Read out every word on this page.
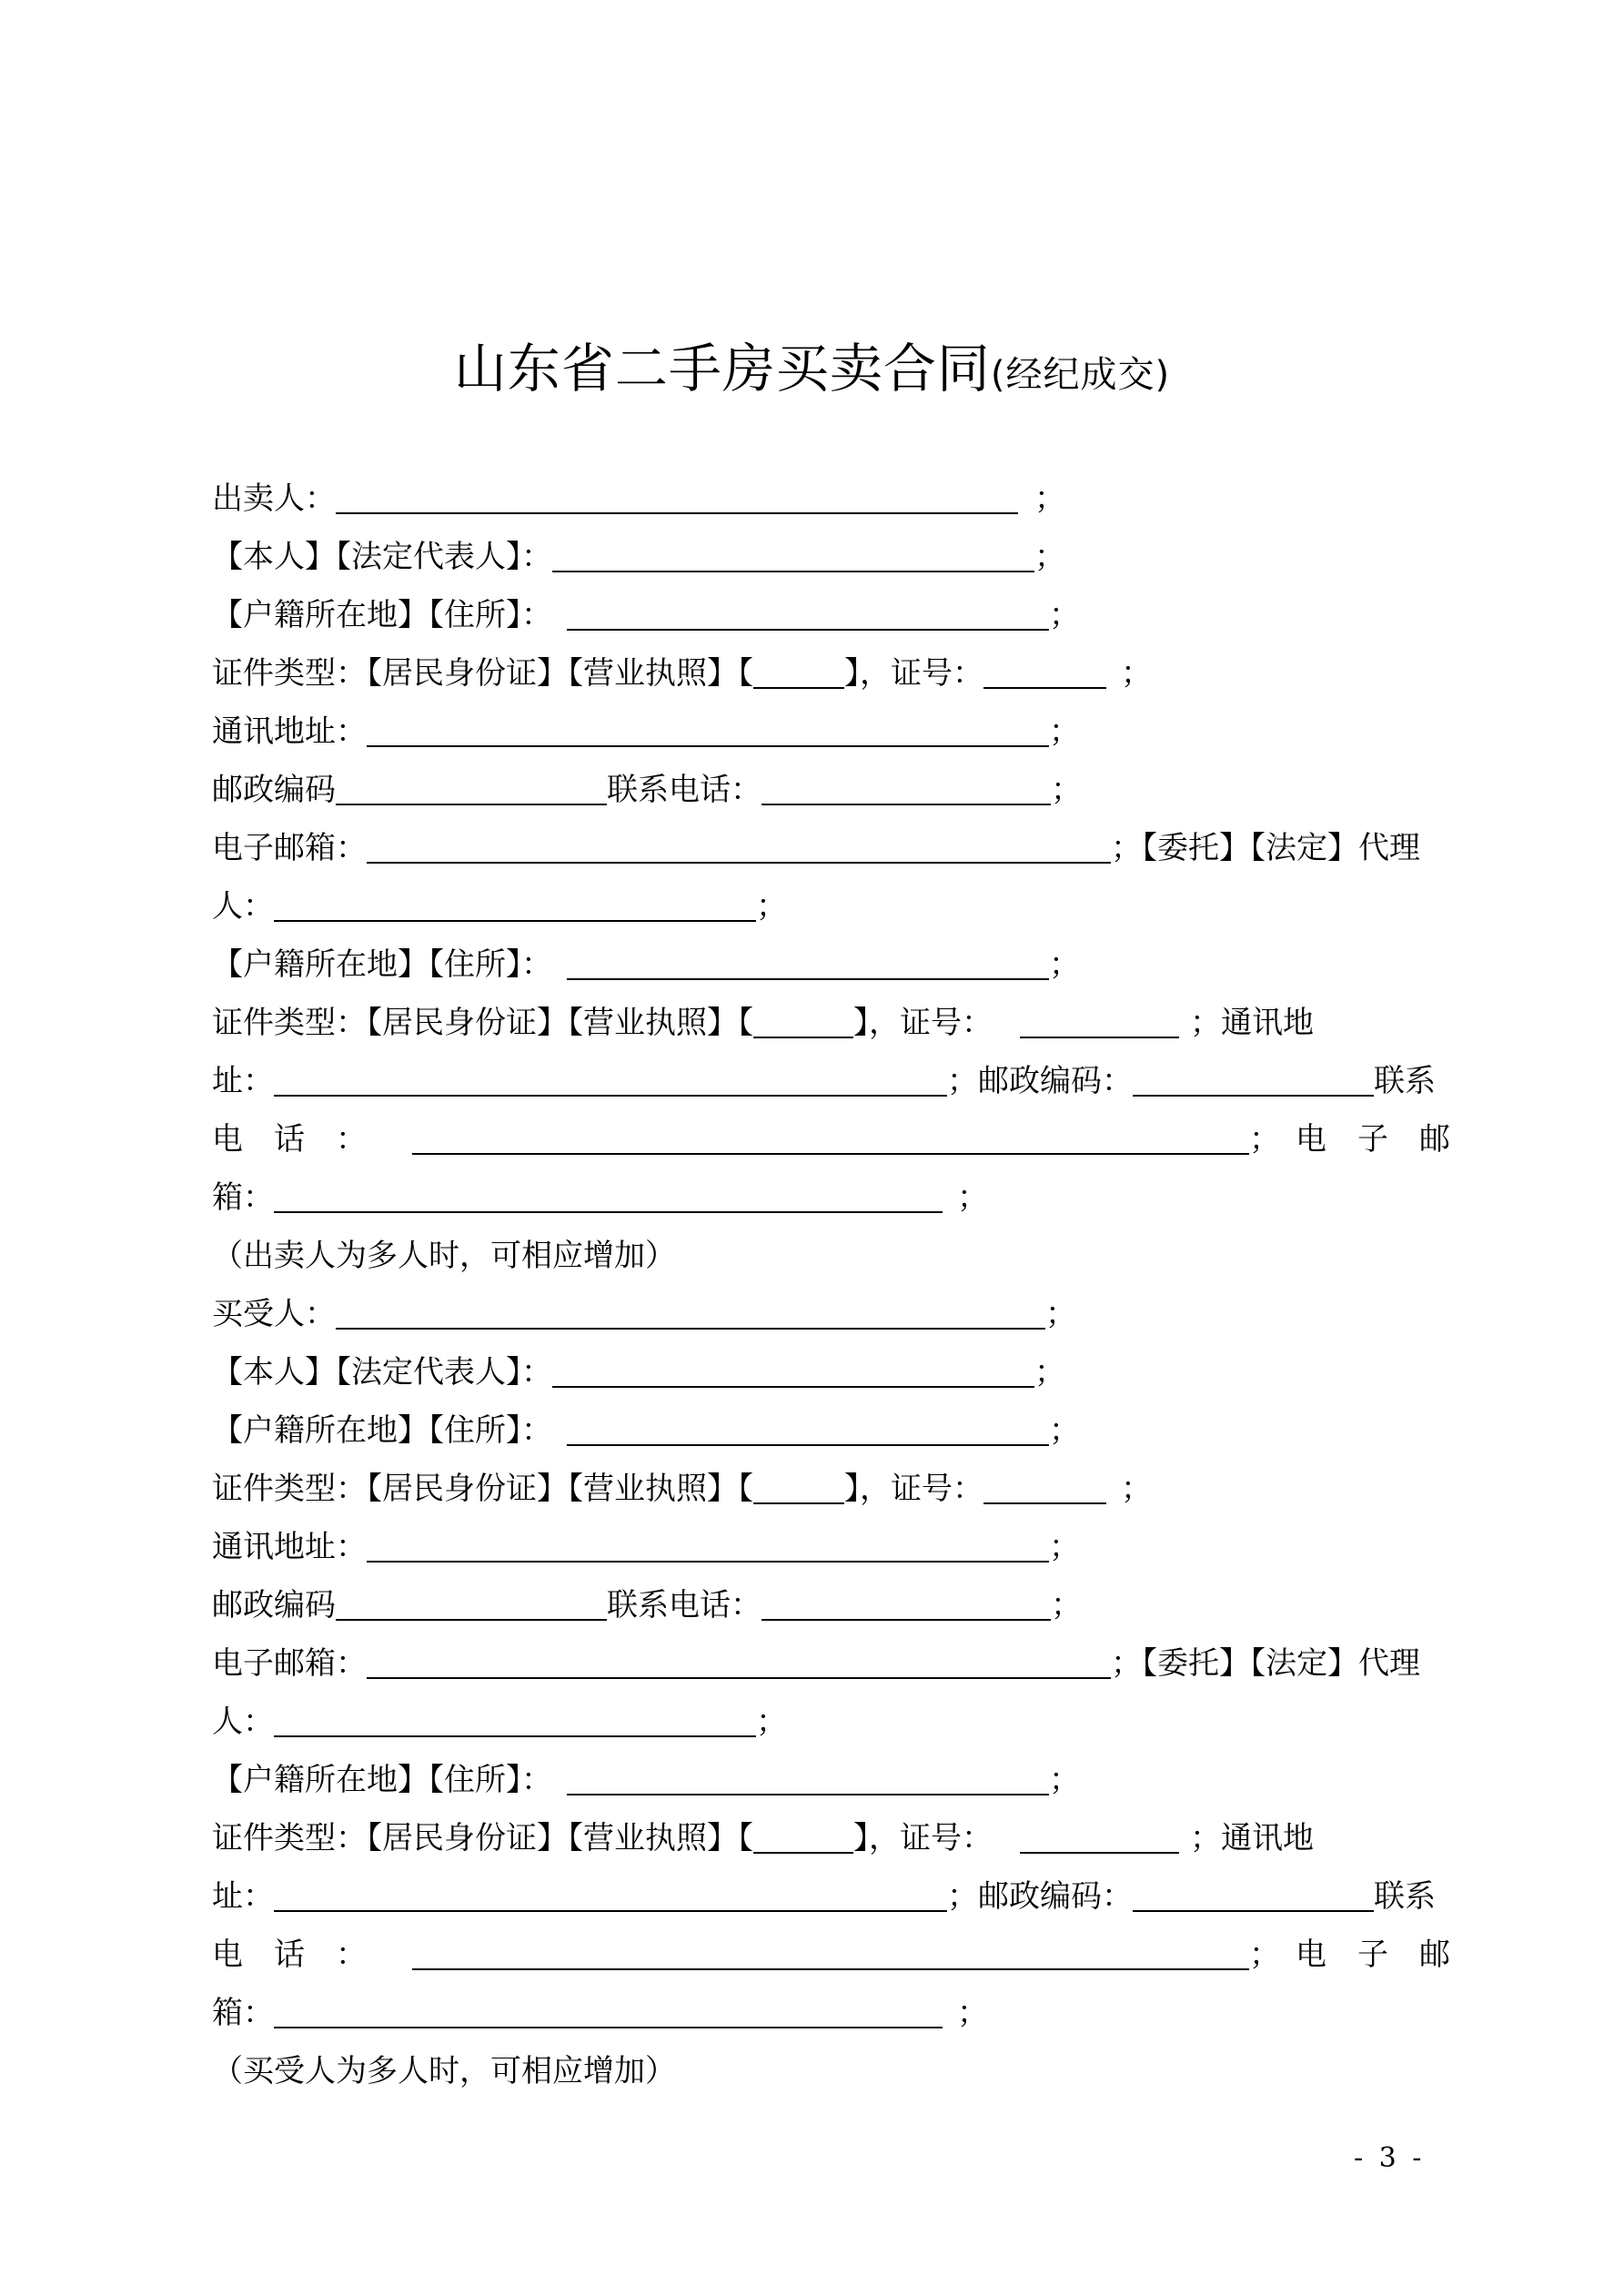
山东省二手房买卖合同(经纪成交)
出卖人：	；
【本人】【法定代表人】：	；
【户籍所在地】【住所】：	；
证件类型：【居民身份证】【营业执照】【	】，证号：	；
通讯地址：	；
邮政编码	联系电话：	；
电子邮箱：	；【委托】【法定】代理
人：	；
【户籍所在地】【住所】：	；
证件类型：【居民身份证】【营业执照】【	】，证号：	；通讯地
址：	；邮政编码：	联系
电　话　：	；　电　子　邮
箱：	；
（出卖人为多人时，可相应增加）
买受人：	；
【本人】【法定代表人】：	；
【户籍所在地】【住所】：	；
证件类型：【居民身份证】【营业执照】【	】，证号：	；
通讯地址：	；
邮政编码	联系电话：	；
电子邮箱：	；【委托】【法定】代理
人：	；
【户籍所在地】【住所】：	；
证件类型：【居民身份证】【营业执照】【	】，证号：	；通讯地
址：	；邮政编码：	联系
电　话　：	；　电　子　邮
箱：	；
（买受人为多人时，可相应增加）
- 3 -
